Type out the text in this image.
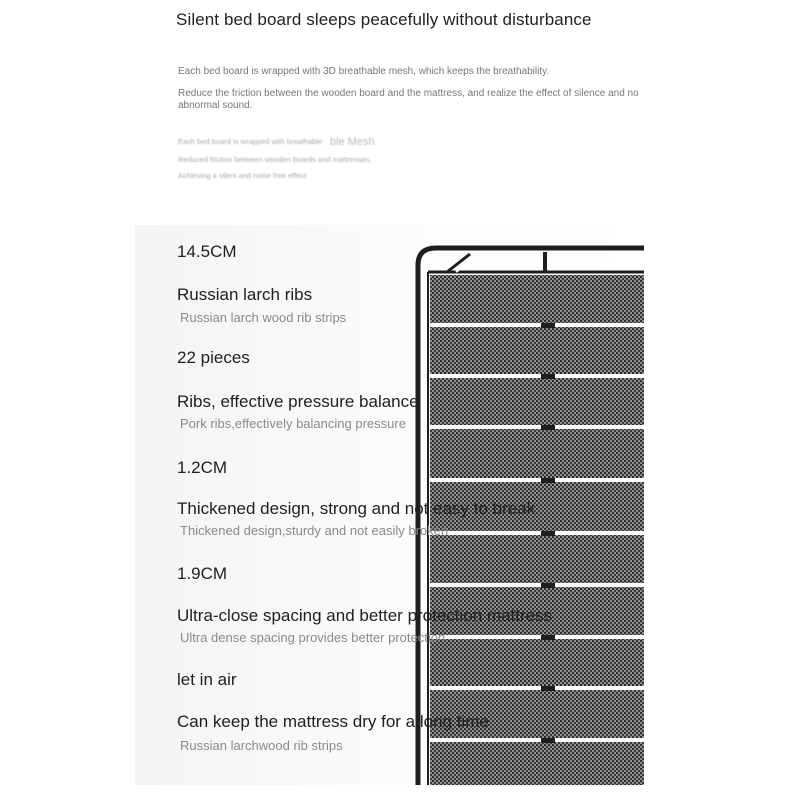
Silent bed board sleeps peacefully without disturbance
Each bed board is wrapped with 3D breathable mesh, which keeps the breathability.
Reduce the friction between the wooden board and the mattress, and realize the effect of silence and no abnormal sound.
Each bed board is wrapped with breathable ble Mesh
Reduced friction between wooden boards and mattresses,
Achieving a silent and noise free effect
14.5CM
Russian larch ribs
Russian larch wood rib strips
22 pieces
Ribs, effective pressure balance
Pork ribs,effectively balancing pressure
1.2CM
Thickened design, strong and not easy to break
Thickened design,sturdy and not easily broken
1.9CM
Ultra-close spacing and better protection mattress
Ultra dense spacing provides better protection
let in air
Can keep the mattress dry for a long time
Russian larchwood rib strips
